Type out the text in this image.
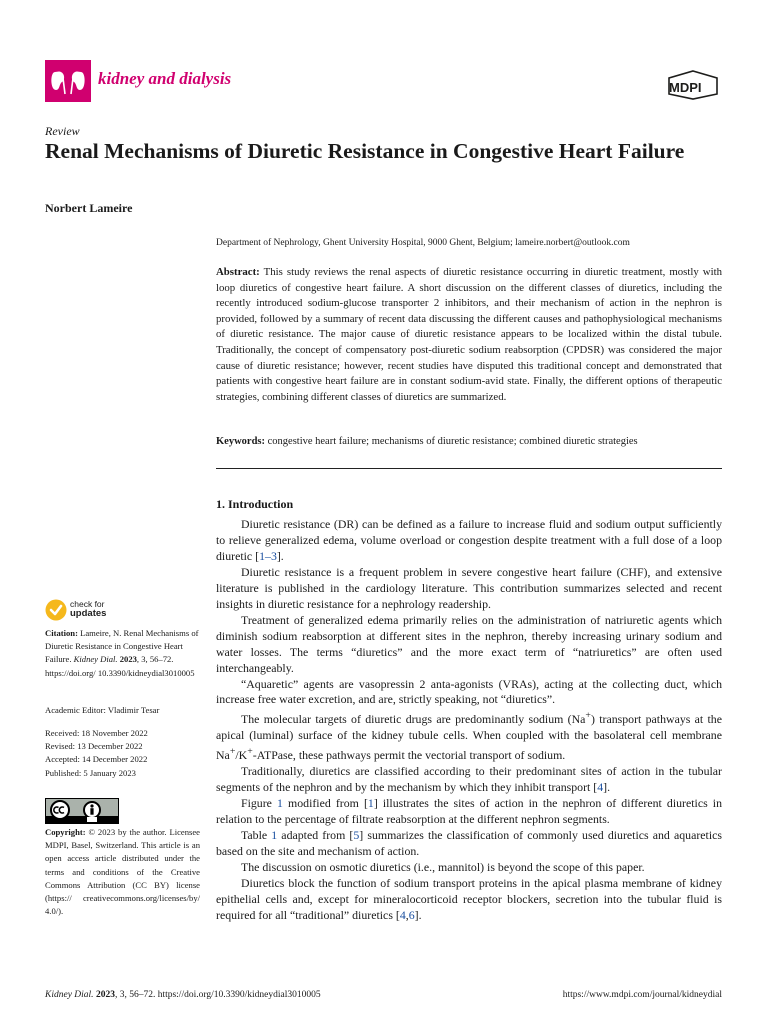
kidney and dialysis	MDPI
Review
Renal Mechanisms of Diuretic Resistance in Congestive Heart Failure
Norbert Lameire
Department of Nephrology, Ghent University Hospital, 9000 Ghent, Belgium; lameire.norbert@outlook.com

Abstract: This study reviews the renal aspects of diuretic resistance occurring in diuretic treatment, mostly with loop diuretics of congestive heart failure. A short discussion on the different classes of diuretics, including the recently introduced sodium-glucose transporter 2 inhibitors, and their mechanism of action in the nephron is provided, followed by a summary of recent data discussing the different causes and pathophysiological mechanisms of diuretic resistance. The major cause of diuretic resistance appears to be localized within the distal tubule. Traditionally, the concept of compensatory post-diuretic sodium reabsorption (CPDSR) was considered the major cause of diuretic resistance; however, recent studies have disputed this traditional concept and demonstrated that patients with congestive heart failure are in constant sodium-avid state. Finally, the different options of therapeutic strategies, combining different classes of diuretics are summarized.

Keywords: congestive heart failure; mechanisms of diuretic resistance; combined diuretic strategies
1. Introduction

Diuretic resistance (DR) can be defined as a failure to increase fluid and sodium output sufficiently to relieve generalized edema, volume overload or congestion despite treatment with a full dose of a loop diuretic [1–3].

Diuretic resistance is a frequent problem in severe congestive heart failure (CHF), and extensive literature is published in the cardiology literature. This contribution summarizes selected and recent insights in diuretic resistance for a nephrology readership.

Treatment of generalized edema primarily relies on the administration of natriuretic agents which diminish sodium reabsorption at different sites in the nephron, thereby increasing urinary sodium and water losses. The terms “diuretics” and the more exact term of “natriuretics” are often used interchangeably.

“Aquaretic” agents are vasopressin 2 anta-agonists (VRAs), acting at the collecting duct, which increase free water excretion, and are, strictly speaking, not “diuretics”.

The molecular targets of diuretic drugs are predominantly sodium (Na+) transport pathways at the apical (luminal) surface of the kidney tubule cells. When coupled with the basolateral cell membrane Na+/K+-ATPase, these pathways permit the vectorial transport of sodium.

Traditionally, diuretics are classified according to their predominant sites of action in the tubular segments of the nephron and by the mechanism by which they inhibit transport [4].

Figure 1 modified from [1] illustrates the sites of action in the nephron of different diuretics in relation to the percentage of filtrate reabsorption at the different nephron segments.

Table 1 adapted from [5] summarizes the classification of commonly used diuretics and aquaretics based on the site and mechanism of action.

The discussion on osmotic diuretics (i.e., mannitol) is beyond the scope of this paper.

Diuretics block the function of sodium transport proteins in the apical plasma membrane of kidney epithelial cells and, except for mineralocorticoid receptor blockers, secretion into the tubular fluid is required for all “traditional” diuretics [4,6].

check for
updates
Citation: Lameire, N. Renal Mechanisms of Diuretic Resistance in Congestive Heart Failure. Kidney Dial. 2023, 3, 56–72. https://doi.org/ 10.3390/kidneydial3010005
Academic Editor: Vladimir Tesar
Received: 18 November 2022
Revised: 13 December 2022
Accepted: 14 December 2022
Published: 5 January 2023
Copyright: © 2023 by the author. Licensee MDPI, Basel, Switzerland. This article is an open access article distributed under the terms and conditions of the Creative Commons Attribution (CC BY) license (https:// creativecommons.org/licenses/by/ 4.0/).
Kidney Dial. 2023, 3, 56–72. https://doi.org/10.3390/kidneydial3010005	https://www.mdpi.com/journal/kidneydial
